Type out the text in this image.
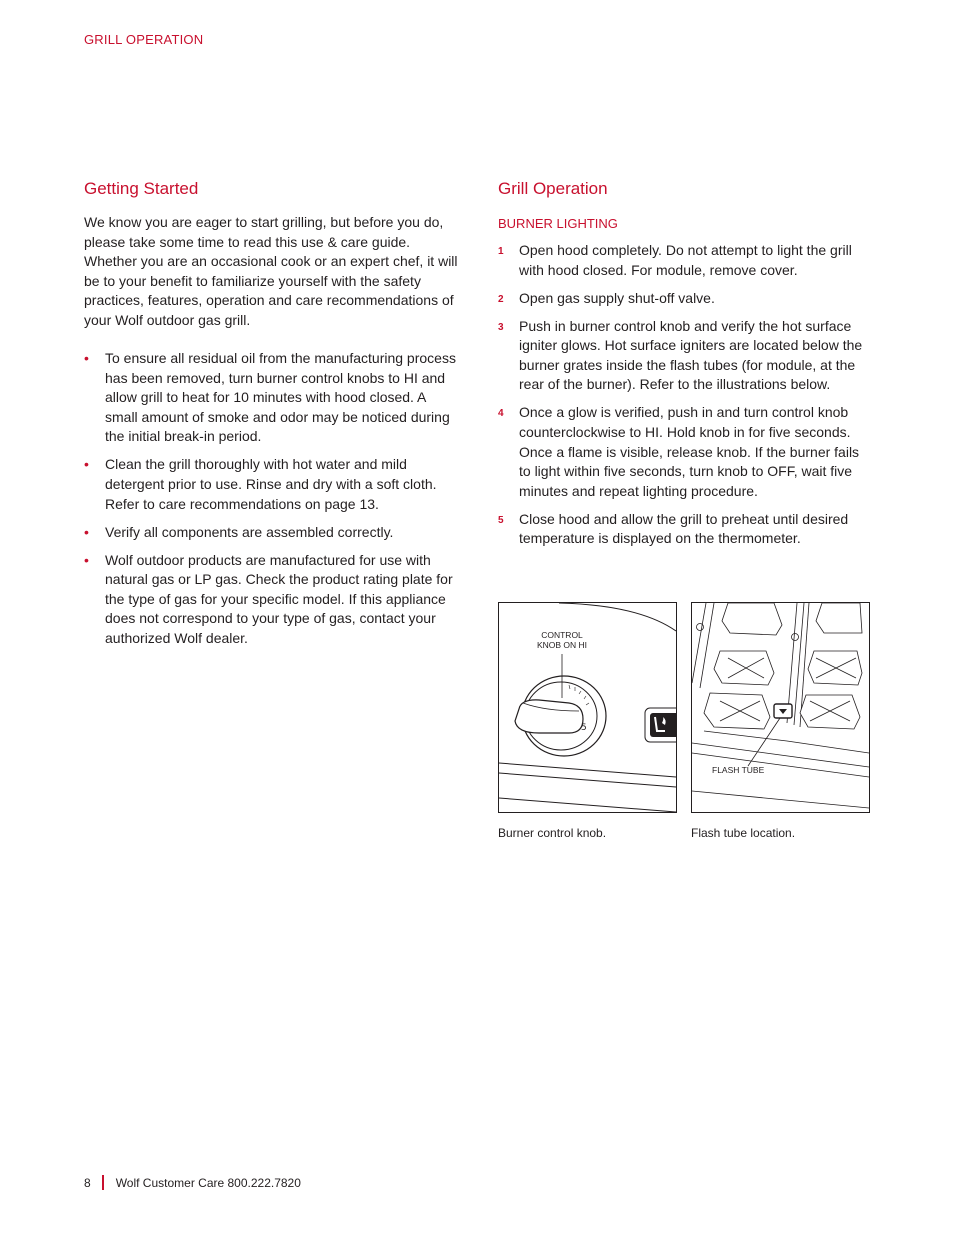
GRILL OPERATION
Getting Started

We know you are eager to start grilling, but before you do, please take some time to read this use & care guide. Whether you are an occasional cook or an expert chef, it will be to your benefit to familiarize yourself with the safety practices, features, operation and care recommendations of your Wolf outdoor gas grill.

• To ensure all residual oil from the manufacturing process has been removed, turn burner control knobs to HI and allow grill to heat for 10 minutes with hood closed. A small amount of smoke and odor may be noticed during the initial break-in period.
• Clean the grill thoroughly with hot water and mild detergent prior to use. Rinse and dry with a soft cloth. Refer to care recommendations on page 13.
• Verify all components are assembled correctly.
• Wolf outdoor products are manufactured for use with natural gas or LP gas. Check the product rating plate for the type of gas for your specific model. If this appliance does not correspond to your type of gas, contact your authorized Wolf dealer.
Grill Operation
BURNER LIGHTING
1 Open hood completely. Do not attempt to light the grill with hood closed. For module, remove cover.
2 Open gas supply shut-off valve.
3 Push in burner control knob and verify the hot surface igniter glows. Hot surface igniters are located below the burner grates inside the flash tubes (for module, at the rear of the burner). Refer to the illustrations below.
4 Once a glow is verified, push in and turn control knob counterclockwise to HI. Hold knob in for five seconds. Once a flame is visible, release knob. If the burner fails to light within five seconds, turn knob to OFF, wait five minutes and repeat lighting procedure.
5 Close hood and allow the grill to preheat until desired temperature is displayed on the thermometer.
5
CONTROL
KNOB ON HI
FLASH TUBE
Burner control knob.	Flash tube location.
8 Wolf Customer Care 800.222.7820
